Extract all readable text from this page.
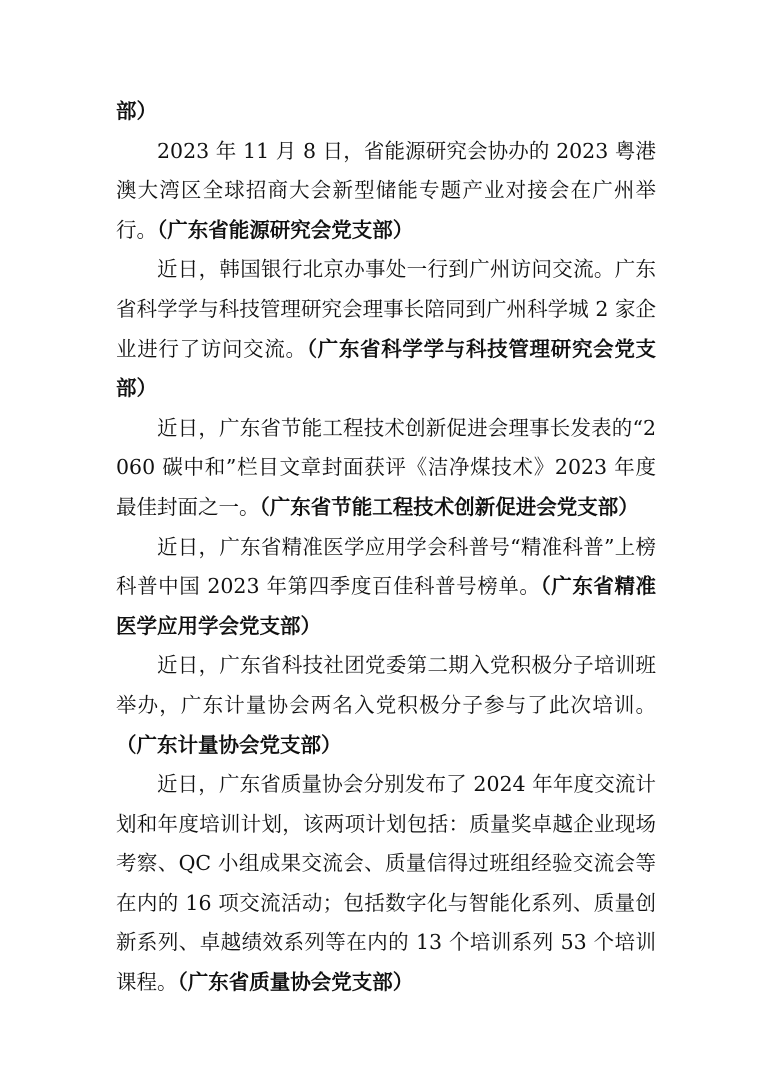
部）

2023 年 11 月 8 日，省能源研究会协办的 2023 粤港澳大湾区全球招商大会新型储能专题产业对接会在广州举行。（广东省能源研究会党支部）

近日，韩国银行北京办事处一行到广州访问交流。广东省科学学与科技管理研究会理事长陪同到广州科学城 2 家企业进行了访问交流。（广东省科学学与科技管理研究会党支部）

近日，广东省节能工程技术创新促进会理事长发表的“2060 碳中和”栏目文章封面获评《洁净煤技术》2023 年度最佳封面之一。（广东省节能工程技术创新促进会党支部）

近日，广东省精准医学应用学会科普号“精准科普”上榜科普中国 2023 年第四季度百佳科普号榜单。（广东省精准医学应用学会党支部）

近日，广东省科技社团党委第二期入党积极分子培训班举办，广东计量协会两名入党积极分子参与了此次培训。（广东计量协会党支部）

近日，广东省质量协会分别发布了 2024 年年度交流计划和年度培训计划，该两项计划包括：质量奖卓越企业现场考察、QC 小组成果交流会、质量信得过班组经验交流会等在内的 16 项交流活动；包括数字化与智能化系列、质量创新系列、卓越绩效系列等在内的 13 个培训系列 53 个培训课程。（广东省质量协会党支部）
